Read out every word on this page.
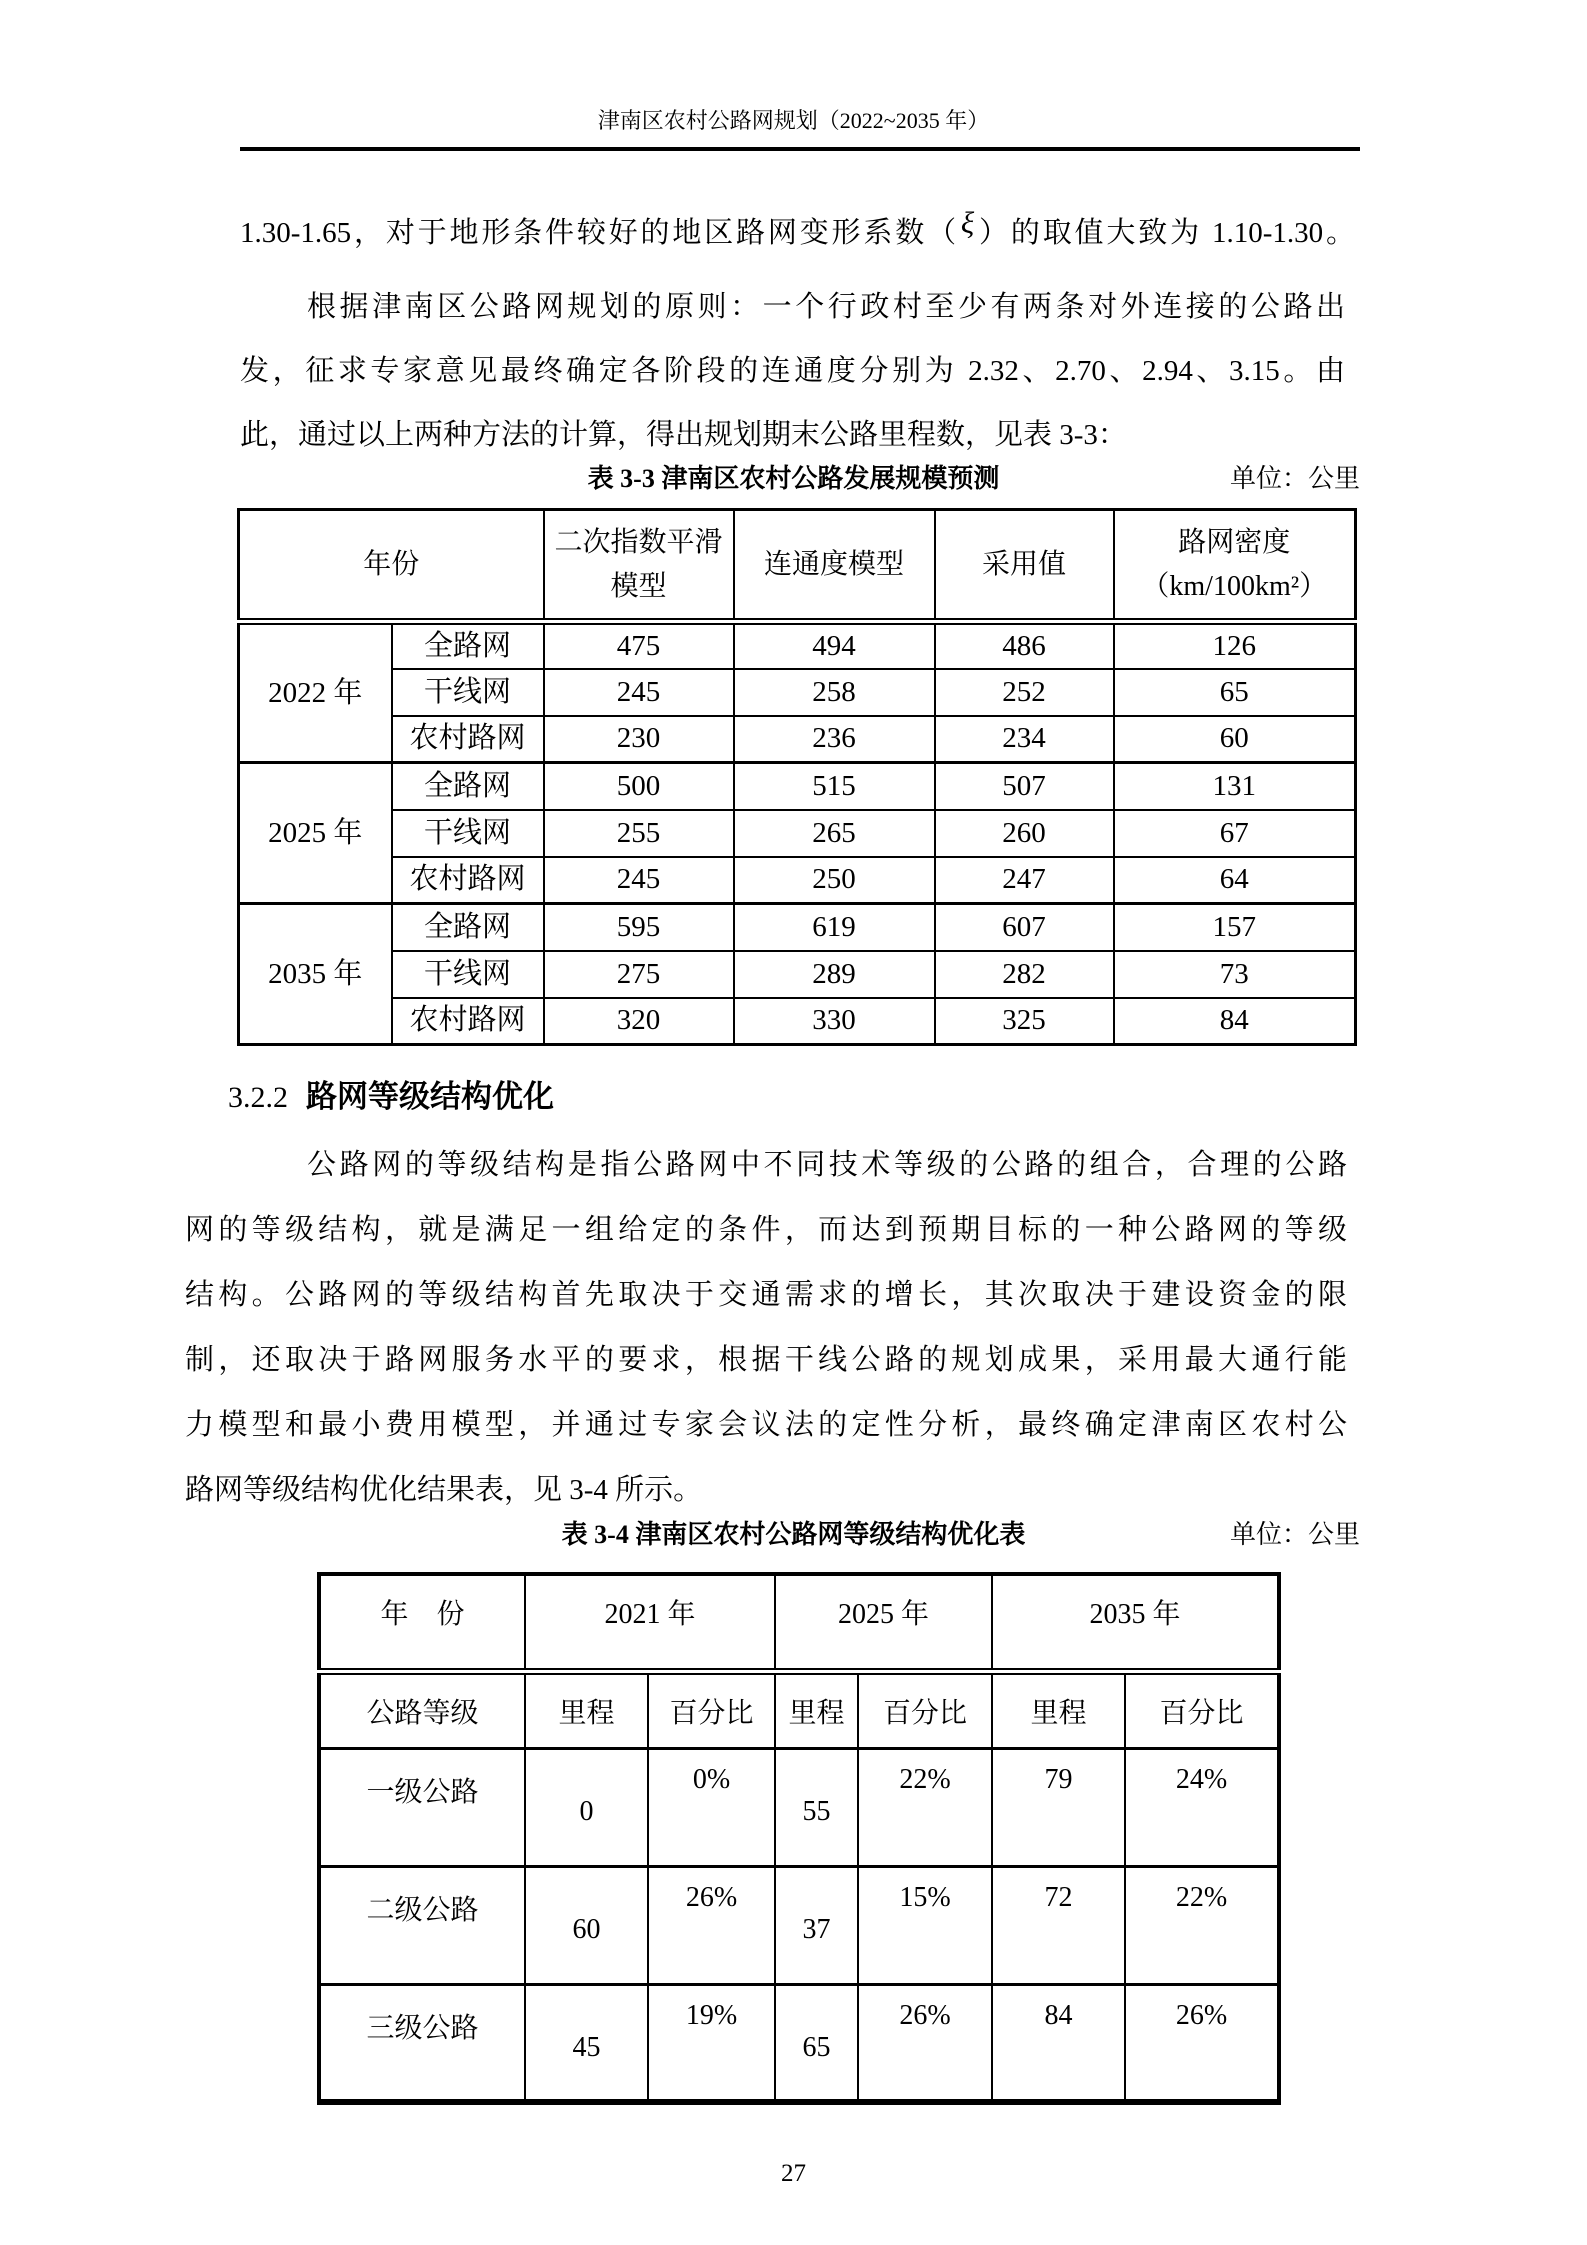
津南区农村公路网规划（2022~2035 年）
1.30-1.65，对于地形条件较好的地区路网变形系数（ξ）的取值大致为 1.10-1.30。
根据津南区公路网规划的原则：一个行政村至少有两条对外连接的公路出
发，征求专家意见最终确定各阶段的连通度分别为 2.32、2.70、2.94、3.15。由
此，通过以上两种方法的计算，得出规划期末公路里程数，见表 3-3：
表 3-3 津南区农村公路发展规模预测	单位：公里
年份		二次指数平滑模型	连通度模型	采用值	路网密度（km/100km²）
2022 年	全路网	475	494	486	126
	干线网	245	258	252	65
	农村路网	230	236	234	60
2025 年	全路网	500	515	507	131
	干线网	255	265	260	67
	农村路网	245	250	247	64
2035 年	全路网	595	619	607	157
	干线网	275	289	282	73
	农村路网	320	330	325	84
3.2.2 路网等级结构优化
公路网的等级结构是指公路网中不同技术等级的公路的组合，合理的公路
网的等级结构，就是满足一组给定的条件，而达到预期目标的一种公路网的等级
结构。公路网的等级结构首先取决于交通需求的增长，其次取决于建设资金的限
制，还取决于路网服务水平的要求，根据干线公路的规划成果，采用最大通行能
力模型和最小费用模型，并通过专家会议法的定性分析，最终确定津南区农村公
路网等级结构优化结果表，见 3-4 所示。
表 3-4 津南区农村公路网等级结构优化表	单位：公里
年　份	2021 年		2025 年		2035 年	
公路等级	里程	百分比	里程	百分比	里程	百分比
一级公路	0	0%	55	22%	79	24%
二级公路	60	26%	37	15%	72	22%
三级公路	45	19%	65	26%	84	26%
27
